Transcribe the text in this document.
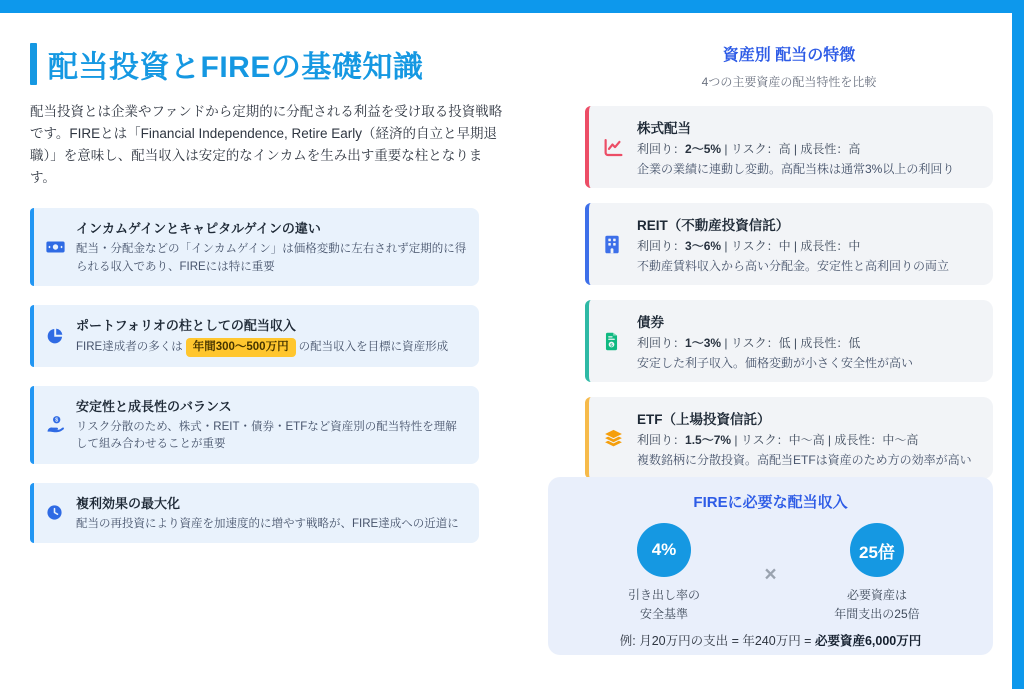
配当投資とFIREの基礎知識

配当投資とは企業やファンドから定期的に分配される利益を受け取る投資戦略です。FIREとは「Financial Independence, Retire Early（経済的自立と早期退職）」を意味し、配当収入は安定的なインカムを生み出す重要な柱となります。

インカムゲインとキャピタルゲインの違い
配当・分配金などの「インカムゲイン」は価格変動に左右されず定期的に得られる収入であり、FIREには特に重要
ポートフォリオの柱としての配当収入
FIRE達成者の多くは 年間300〜500万円 の配当収入を目標に資産形成
$
安定性と成長性のバランス
リスク分散のため、株式・REIT・債券・ETFなど資産別の配当特性を理解して組み合わせることが重要
複利効果の最大化
配当の再投資により資産を加速度的に増やす戦略が、FIRE達成への近道に
資産別 配当の特徴
4つの主要資産の配当特性を比較
株式配当
利回り：2〜5% | リスク：高 | 成長性：高
企業の業績に連動し変動。高配当株は通常3%以上の利回り
REIT（不動産投資信託）
利回り：3〜6% | リスク：中 | 成長性：中
不動産賃料収入から高い分配金。安定性と高利回りの両立
$
債券
利回り：1〜3% | リスク：低 | 成長性：低
安定した利子収入。価格変動が小さく安全性が高い
ETF（上場投資信託）
利回り：1.5〜7% | リスク：中〜高 | 成長性：中〜高
複数銘柄に分散投資。高配当ETFは資産のため方の効率が高い
FIREに必要な配当収入
4%
引き出し率の
安全基準
×
25倍
必要資産は
年間支出の25倍
例: 月20万円の支出 = 年240万円 = 必要資産6,000万円
